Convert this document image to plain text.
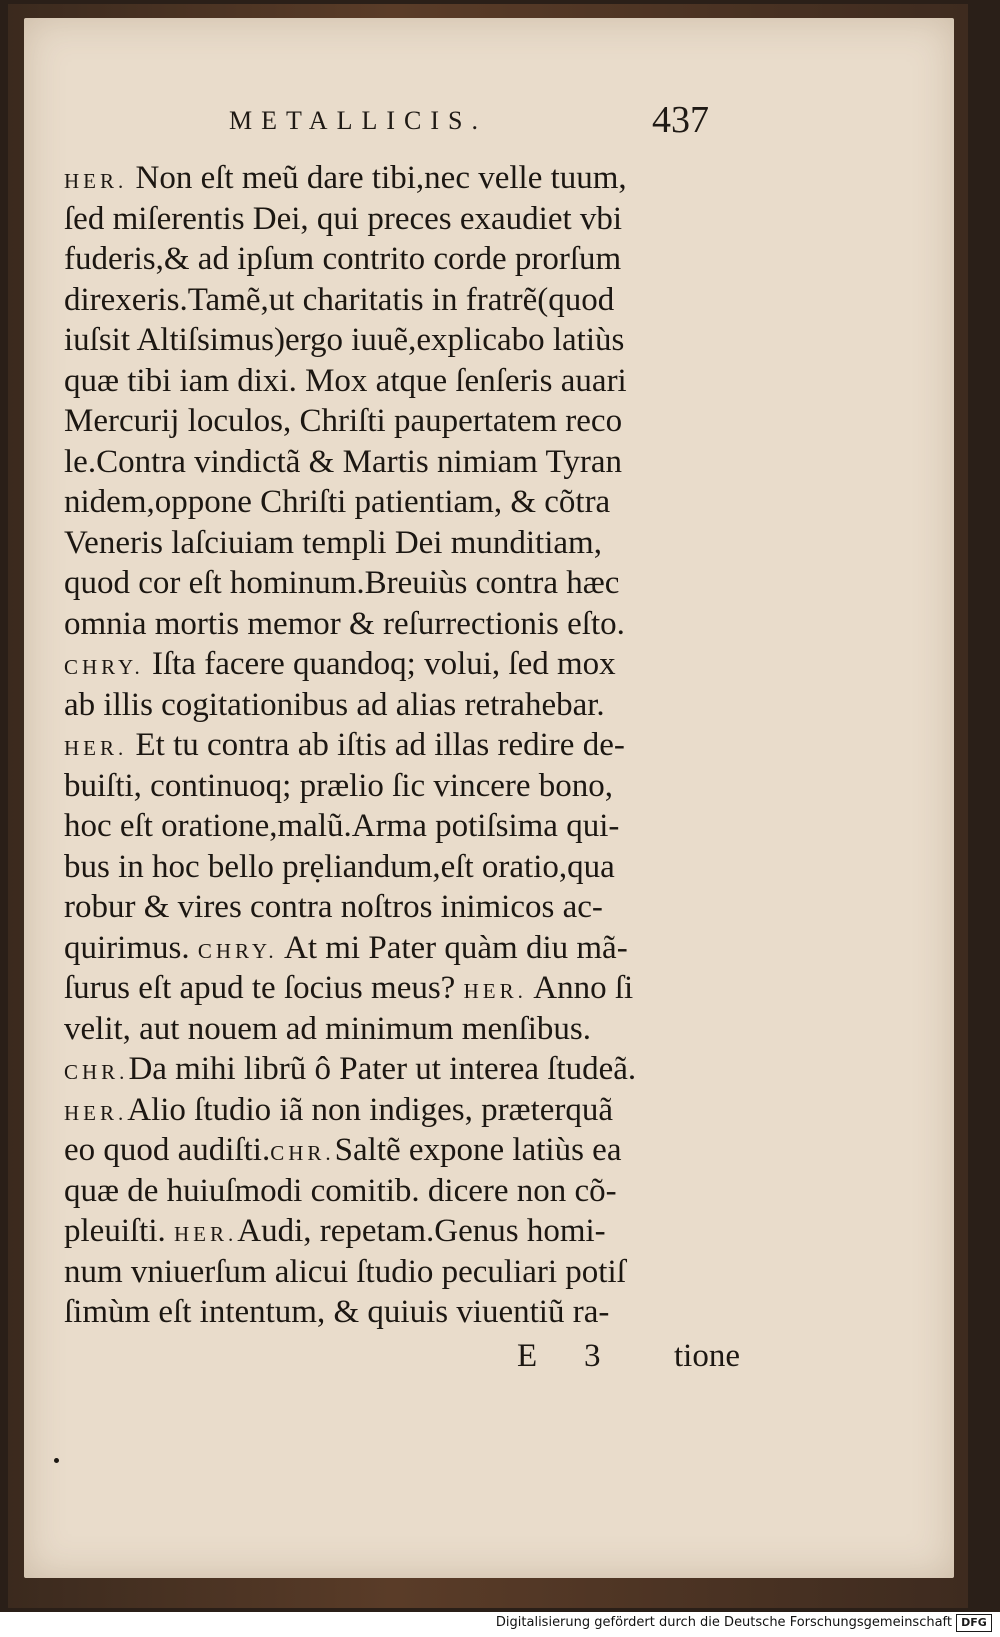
METALLICIS.	437
HER. Non eſt meũ dare tibi,nec velle tuum,
ſed miſerentis Dei, qui preces exaudiet vbi
fuderis,& ad ipſum contrito corde prorſum
direxeris.Tamẽ,ut charitatis in fratrẽ(quod
iuſsit Altiſsimus)ergo iuuẽ,explicabo latiùs
quæ tibi iam dixi. Mox atque ſenſeris auari
Mercurij loculos, Chriſti paupertatem reco
le.Contra vindictã & Martis nimiam Tyran
nidem,oppone Chriſti patientiam, & cõtra
Veneris laſciuiam templi Dei munditiam,
quod cor eſt hominum.Breuiùs contra hæc
omnia mortis memor & reſurrectionis eſto.
CHRY. Iſta facere quandoq; volui, ſed mox
ab illis cogitationibus ad alias retrahebar.
HER. Et tu contra ab iſtis ad illas redire de-
buiſti, continuoq; prælio ſic vincere bono,
hoc eſt oratione,malũ.Arma potiſsima qui-
bus in hoc bello prẹliandum,eſt oratio,qua
robur & vires contra noſtros inimicos ac-
quirimus. CHRY. At mi Pater quàm diu mã-
ſurus eſt apud te ſocius meus? HER. Anno ſi
velit, aut nouem ad minimum menſibus.
CHR.Da mihi librũ ô Pater ut interea ſtudeã.
HER.Alio ſtudio iã non indiges, præterquã
eo quod audiſti.CHR.Saltẽ expone latiùs ea
quæ de huiuſmodi comitib. dicere non cõ-
pleuiſti. HER.Audi, repetam.Genus homi-
num vniuerſum alicui ſtudio peculiari potiſ
ſimùm eſt intentum, & quiuis viuentiũ ra-
E 3 tione
Digitalisierung gefördert durch die Deutsche Forschungsgemeinschaft DFG
